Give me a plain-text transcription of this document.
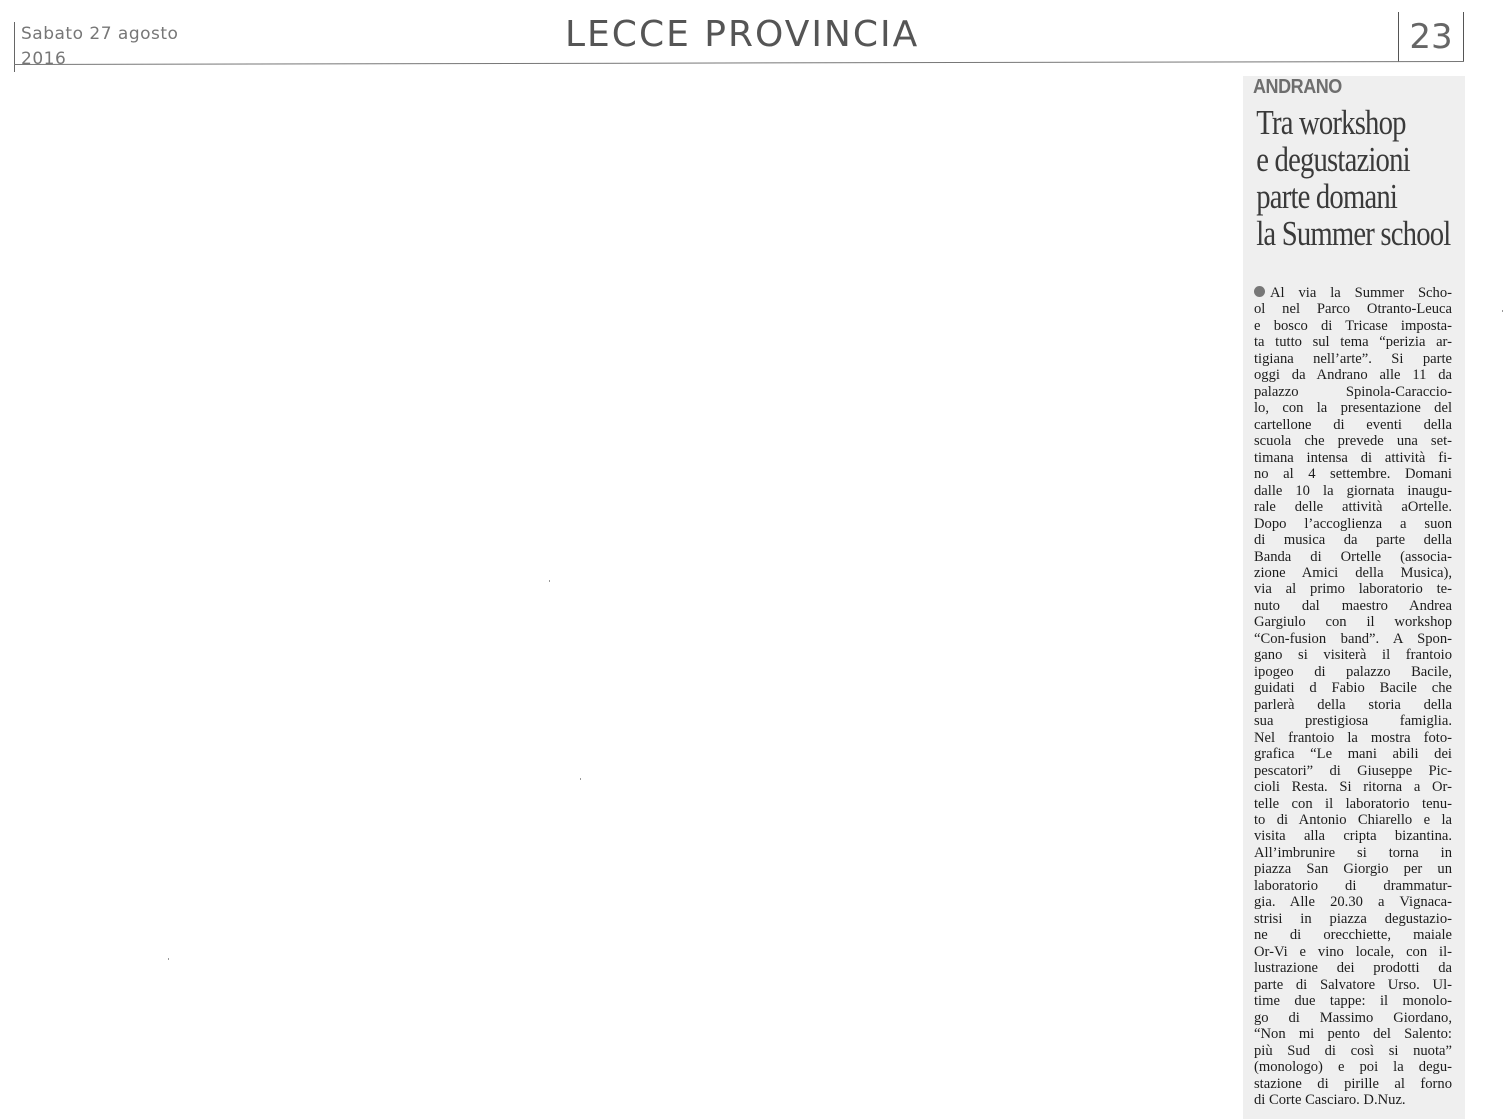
Sabato 27 agosto
2016
LECCE PROVINCIA	23
ANDRANO
Tra workshop
e degustazioni
parte domani
la Summer school
Al via la Summer Scho-
ol nel Parco Otranto-Leuca
e bosco di Tricase imposta-
ta tutto sul tema “perizia ar-
tigiana nell’arte”. Si parte
oggi da Andrano alle 11 da
palazzo Spinola-Caraccio-
lo, con la presentazione del
cartellone di eventi della
scuola che prevede una set-
timana intensa di attività fi-
no al 4 settembre. Domani
dalle 10 la giornata inaugu-
rale delle attività aOrtelle.
Dopo l’accoglienza a suon
di musica da parte della
Banda di Ortelle (associa-
zione Amici della Musica),
via al primo laboratorio te-
nuto dal maestro Andrea
Gargiulo con il workshop
“Con-fusion band”. A Spon-
gano si visiterà il frantoio
ipogeo di palazzo Bacile,
guidati d Fabio Bacile che
parlerà della storia della
sua prestigiosa famiglia.
Nel frantoio la mostra foto-
grafica “Le mani abili dei
pescatori” di Giuseppe Pic-
cioli Resta. Si ritorna a Or-
telle con il laboratorio tenu-
to di Antonio Chiarello e la
visita alla cripta bizantina.
All’imbrunire si torna in
piazza San Giorgio per un
laboratorio di drammatur-
gia. Alle 20.30 a Vignaca-
strisi in piazza degustazio-
ne di orecchiette, maiale
Or-Vi e vino locale, con il-
lustrazione dei prodotti da
parte di Salvatore Urso. Ul-
time due tappe: il monolo-
go di Massimo Giordano,
“Non mi pento del Salento:
più Sud di così si nuota”
(monologo) e poi la degu-
stazione di pirille al forno
di Corte Casciaro. D.Nuz.
